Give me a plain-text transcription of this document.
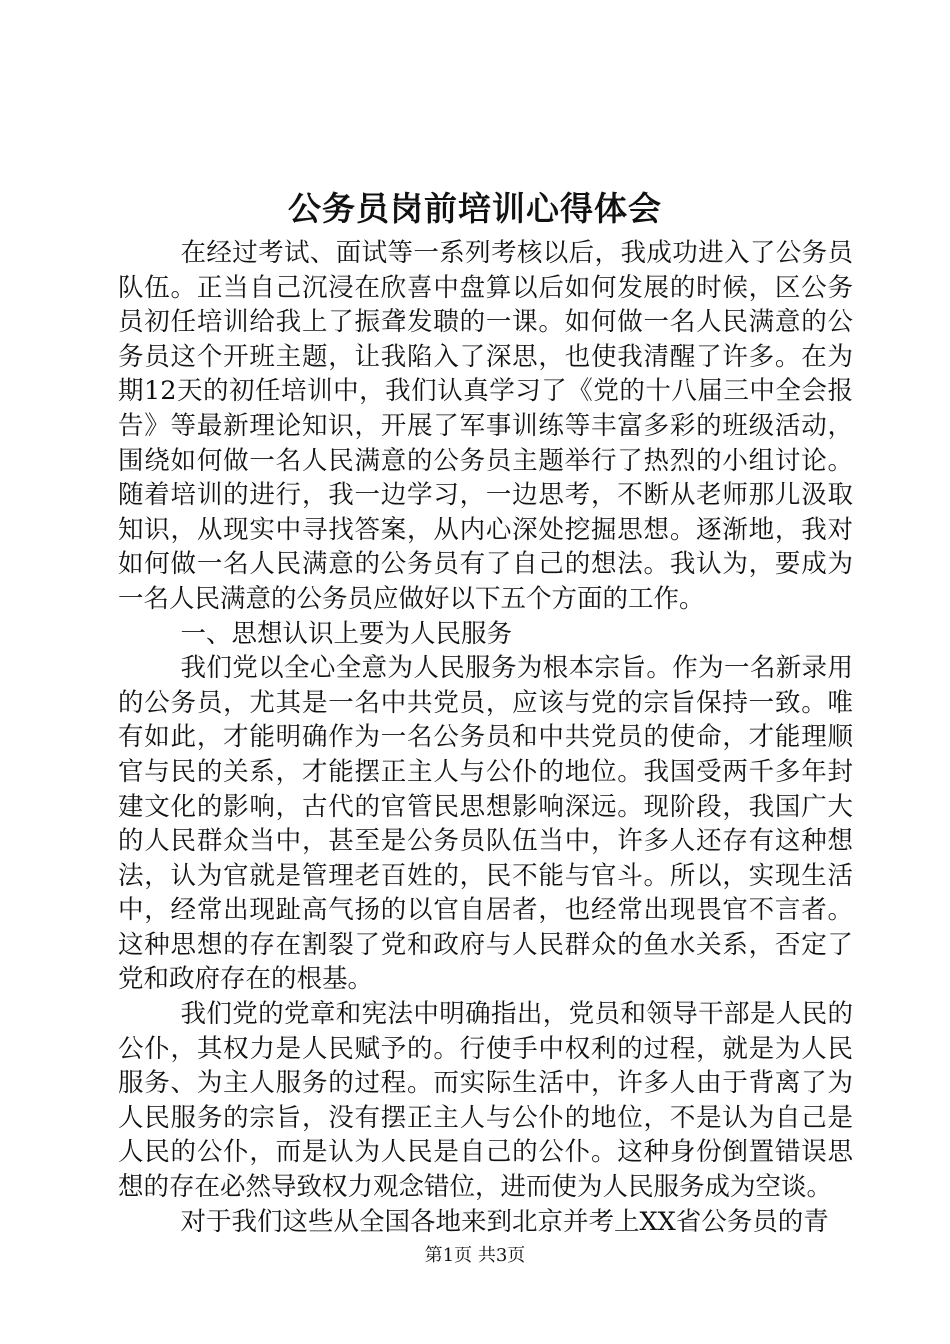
公务员岗前培训心得体会

在经过考试、面试等一系列考核以后，我成功进入了公务员队伍。正当自己沉浸在欣喜中盘算以后如何发展的时候，区公务员初任培训给我上了振聋发聩的一课。如何做一名人民满意的公务员这个开班主题，让我陷入了深思，也使我清醒了许多。在为期12天的初任培训中，我们认真学习了《党的十八届三中全会报告》等最新理论知识，开展了军事训练等丰富多彩的班级活动，围绕如何做一名人民满意的公务员主题举行了热烈的小组讨论。随着培训的进行，我一边学习，一边思考，不断从老师那儿汲取知识，从现实中寻找答案，从内心深处挖掘思想。逐渐地，我对如何做一名人民满意的公务员有了自己的想法。我认为，要成为一名人民满意的公务员应做好以下五个方面的工作。

一、思想认识上要为人民服务

我们党以全心全意为人民服务为根本宗旨。作为一名新录用的公务员，尤其是一名中共党员，应该与党的宗旨保持一致。唯有如此，才能明确作为一名公务员和中共党员的使命，才能理顺官与民的关系，才能摆正主人与公仆的地位。我国受两千多年封建文化的影响，古代的官管民思想影响深远。现阶段，我国广大的人民群众当中，甚至是公务员队伍当中，许多人还存有这种想法，认为官就是管理老百姓的，民不能与官斗。所以，实现生活中，经常出现趾高气扬的以官自居者，也经常出现畏官不言者。这种思想的存在割裂了党和政府与人民群众的鱼水关系，否定了党和政府存在的根基。

我们党的党章和宪法中明确指出，党员和领导干部是人民的公仆，其权力是人民赋予的。行使手中权利的过程，就是为人民服务、为主人服务的过程。而实际生活中，许多人由于背离了为人民服务的宗旨，没有摆正主人与公仆的地位，不是认为自己是人民的公仆，而是认为人民是自己的公仆。这种身份倒置错误思想的存在必然导致权力观念错位，进而使为人民服务成为空谈。

对于我们这些从全国各地来到北京并考上XX省公务员的青

第1页 共3页
